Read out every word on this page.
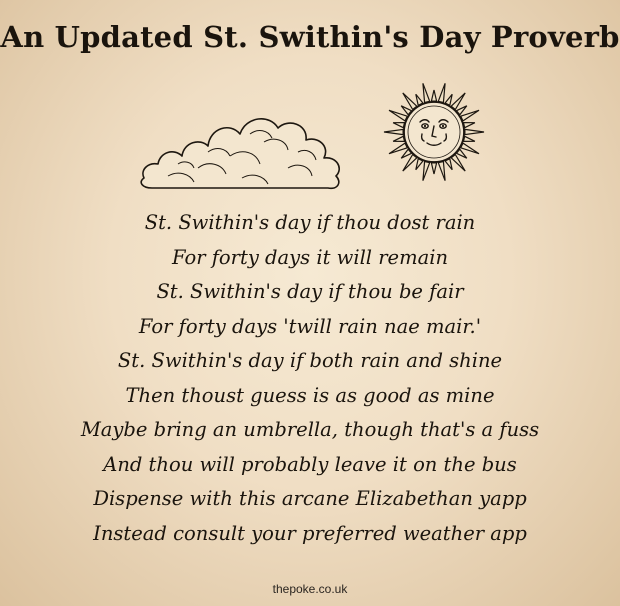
An Updated St. Swithin's Day Proverb
St. Swithin's day if thou dost rain
For forty days it will remain
St. Swithin's day if thou be fair
For forty days 'twill rain nae mair.'
St. Swithin's day if both rain and shine
Then thoust guess is as good as mine
Maybe bring an umbrella, though that's a fuss
And thou will probably leave it on the bus
Dispense with this arcane Elizabethan yapp
Instead consult your preferred weather app
thepoke.co.uk
